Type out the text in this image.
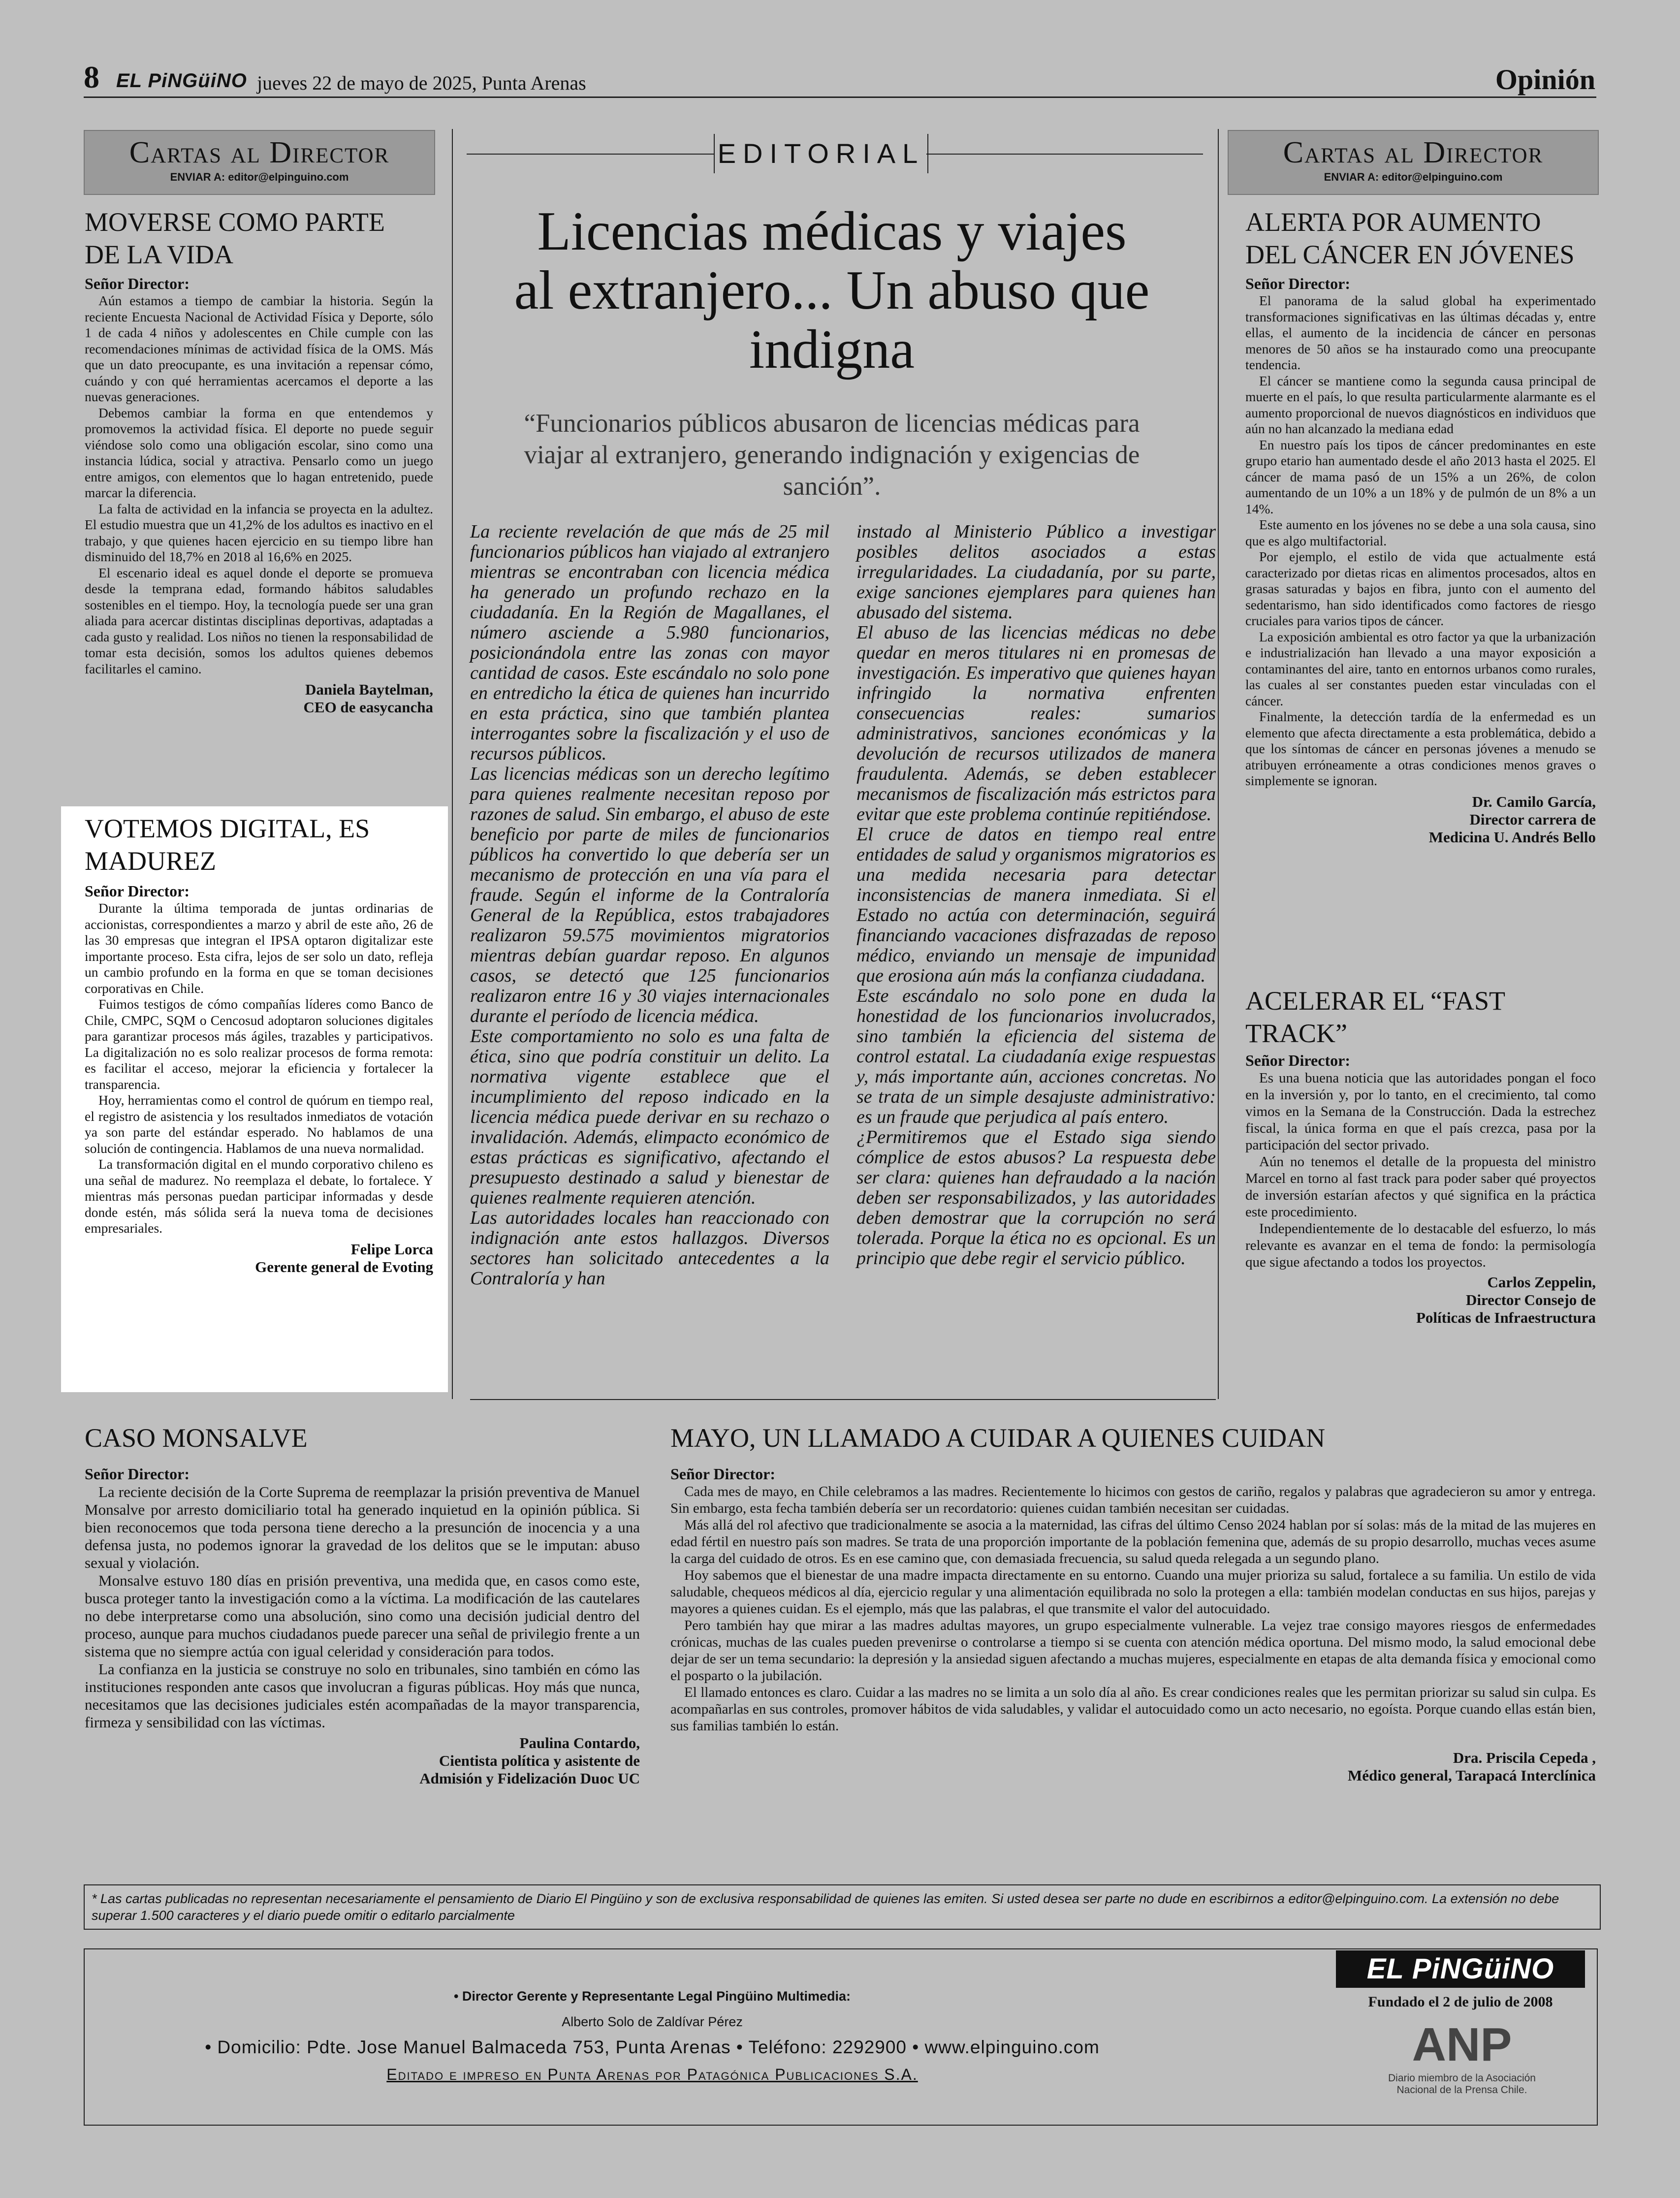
8 EL PiNGüiNO jueves 22 de mayo de 2025, Punta Arenas	Opinión
Cartas al Director
ENVIAR A: editor@elpinguino.com
MOVERSE COMO PARTE DE LA VIDA
Señor Director:

Aún estamos a tiempo de cambiar la historia. Según la reciente Encuesta Nacional de Actividad Física y Deporte, sólo 1 de cada 4 niños y adolescentes en Chile cumple con las recomendaciones mínimas de actividad física de la OMS. Más que un dato preocupante, es una invitación a repensar cómo, cuándo y con qué herramientas acercamos el deporte a las nuevas generaciones.

Debemos cambiar la forma en que entendemos y promovemos la actividad física. El deporte no puede seguir viéndose solo como una obligación escolar, sino como una instancia lúdica, social y atractiva. Pensarlo como un juego entre amigos, con elementos que lo hagan entretenido, puede marcar la diferencia.

La falta de actividad en la infancia se proyecta en la adultez. El estudio muestra que un 41,2% de los adultos es inactivo en el trabajo, y que quienes hacen ejercicio en su tiempo libre han disminuido del 18,7% en 2018 al 16,6% en 2025.

El escenario ideal es aquel donde el deporte se promueva desde la temprana edad, formando hábitos saludables sostenibles en el tiempo. Hoy, la tecnología puede ser una gran aliada para acercar distintas disciplinas deportivas, adaptadas a cada gusto y realidad. Los niños no tienen la responsabilidad de tomar esta decisión, somos los adultos quienes debemos facilitarles el camino.

Daniela Baytelman,
CEO de easycancha
VOTEMOS DIGITAL, ES MADUREZ
Señor Director:

Durante la última temporada de juntas ordinarias de accionistas, correspondientes a marzo y abril de este año, 26 de las 30 empresas que integran el IPSA optaron digitalizar este importante proceso. Esta cifra, lejos de ser solo un dato, refleja un cambio profundo en la forma en que se toman decisiones corporativas en Chile.

Fuimos testigos de cómo compañías líderes como Banco de Chile, CMPC, SQM o Cencosud adoptaron soluciones digitales para garantizar procesos más ágiles, trazables y participativos. La digitalización no es solo realizar procesos de forma remota: es facilitar el acceso, mejorar la eficiencia y fortalecer la transparencia.

Hoy, herramientas como el control de quórum en tiempo real, el registro de asistencia y los resultados inmediatos de votación ya son parte del estándar esperado. No hablamos de una solución de contingencia. Hablamos de una nueva normalidad.

La transformación digital en el mundo corporativo chileno es una señal de madurez. No reemplaza el debate, lo fortalece. Y mientras más personas puedan participar informadas y desde donde estén, más sólida será la nueva toma de decisiones empresariales.

Felipe Lorca
Gerente general de Evoting
EDITORIAL
Licencias médicas y viajes al extranjero... Un abuso que indigna
“Funcionarios públicos abusaron de licencias médicas para viajar al extranjero, generando indignación y exigencias de sanción”.

La reciente revelación de que más de 25 mil funcionarios públicos han viajado al extranjero mientras se encontraban con licencia médica ha generado un profundo rechazo en la ciudadanía. En la Región de Magallanes, el número asciende a 5.980 funcionarios, posicionándola entre las zonas con mayor cantidad de casos. Este escándalo no solo pone en entredicho la ética de quienes han incurrido en esta práctica, sino que también plantea interrogantes sobre la fiscalización y el uso de recursos públicos.

Las licencias médicas son un derecho legítimo para quienes realmente necesitan reposo por razones de salud. Sin embargo, el abuso de este beneficio por parte de miles de funcionarios públicos ha convertido lo que debería ser un mecanismo de protección en una vía para el fraude. Según el informe de la Contraloría General de la República, estos trabajadores realizaron 59.575 movimientos migratorios mientras debían guardar reposo. En algunos casos, se detectó que 125 funcionarios realizaron entre 16 y 30 viajes internacionales durante el período de licencia médica.

Este comportamiento no solo es una falta de ética, sino que podría constituir un delito. La normativa vigente establece que el incumplimiento del reposo indicado en la licencia médica puede derivar en su rechazo o invalidación. Además, elimpacto económico de estas prácticas es significativo, afectando el presupuesto destinado a salud y bienestar de quienes realmente requieren atención.

Las autoridades locales han reaccionado con indignación ante estos hallazgos. Diversos sectores han solicitado antecedentes a la Contraloría y han

instado al Ministerio Público a investigar posibles delitos asociados a estas irregularidades. La ciudadanía, por su parte, exige sanciones ejemplares para quienes han abusado del sistema.

El abuso de las licencias médicas no debe quedar en meros titulares ni en promesas de investigación. Es imperativo que quienes hayan infringido la normativa enfrenten consecuencias reales: sumarios administrativos, sanciones económicas y la devolución de recursos utilizados de manera fraudulenta. Además, se deben establecer mecanismos de fiscalización más estrictos para evitar que este problema continúe repitiéndose.

El cruce de datos en tiempo real entre entidades de salud y organismos migratorios es una medida necesaria para detectar inconsistencias de manera inmediata. Si el Estado no actúa con determinación, seguirá financiando vacaciones disfrazadas de reposo médico, enviando un mensaje de impunidad que erosiona aún más la confianza ciudadana.

Este escándalo no solo pone en duda la honestidad de los funcionarios involucrados, sino también la eficiencia del sistema de control estatal. La ciudadanía exige respuestas y, más importante aún, acciones concretas. No se trata de un simple desajuste administrativo: es un fraude que perjudica al país entero.

¿Permitiremos que el Estado siga siendo cómplice de estos abusos? La respuesta debe ser clara: quienes han defraudado a la nación deben ser responsabilizados, y las autoridades deben demostrar que la corrupción no será tolerada. Porque la ética no es opcional. Es un principio que debe regir el servicio público.

Cartas al Director
ENVIAR A: editor@elpinguino.com
ALERTA POR AUMENTO DEL CÁNCER EN JÓVENES
Señor Director:

El panorama de la salud global ha experimentado transformaciones significativas en las últimas décadas y, entre ellas, el aumento de la incidencia de cáncer en personas menores de 50 años se ha instaurado como una preocupante tendencia.

El cáncer se mantiene como la segunda causa principal de muerte en el país, lo que resulta particularmente alarmante es el aumento proporcional de nuevos diagnósticos en individuos que aún no han alcanzado la mediana edad

En nuestro país los tipos de cáncer predominantes en este grupo etario han aumentado desde el año 2013 hasta el 2025. El cáncer de mama pasó de un 15% a un 26%, de colon aumentando de un 10% a un 18% y de pulmón de un 8% a un 14%.

Este aumento en los jóvenes no se debe a una sola causa, sino que es algo multifactorial.

Por ejemplo, el estilo de vida que actualmente está caracterizado por dietas ricas en alimentos procesados, altos en grasas saturadas y bajos en fibra, junto con el aumento del sedentarismo, han sido identificados como factores de riesgo cruciales para varios tipos de cáncer.

La exposición ambiental es otro factor ya que la urbanización e industrialización han llevado a una mayor exposición a contaminantes del aire, tanto en entornos urbanos como rurales, las cuales al ser constantes pueden estar vinculadas con el cáncer.

Finalmente, la detección tardía de la enfermedad es un elemento que afecta directamente a esta problemática, debido a que los síntomas de cáncer en personas jóvenes a menudo se atribuyen erróneamente a otras condiciones menos graves o simplemente se ignoran.

Dr. Camilo García,
Director carrera de
Medicina U. Andrés Bello
ACELERAR EL “FAST TRACK”
Señor Director:

Es una buena noticia que las autoridades pongan el foco en la inversión y, por lo tanto, en el crecimiento, tal como vimos en la Semana de la Construcción. Dada la estrechez fiscal, la única forma en que el país crezca, pasa por la participación del sector privado.

Aún no tenemos el detalle de la propuesta del ministro Marcel en torno al fast track para poder saber qué proyectos de inversión estarían afectos y qué significa en la práctica este procedimiento.

Independientemente de lo destacable del esfuerzo, lo más relevante es avanzar en el tema de fondo: la permisología que sigue afectando a todos los proyectos.

Carlos Zeppelin,
Director Consejo de
Políticas de Infraestructura
CASO MONSALVE
Señor Director:

La reciente decisión de la Corte Suprema de reemplazar la prisión preventiva de Manuel Monsalve por arresto domiciliario total ha generado inquietud en la opinión pública. Si bien reconocemos que toda persona tiene derecho a la presunción de inocencia y a una defensa justa, no podemos ignorar la gravedad de los delitos que se le imputan: abuso sexual y violación.

Monsalve estuvo 180 días en prisión preventiva, una medida que, en casos como este, busca proteger tanto la investigación como a la víctima. La modificación de las cautelares no debe interpretarse como una absolución, sino como una decisión judicial dentro del proceso, aunque para muchos ciudadanos puede parecer una señal de privilegio frente a un sistema que no siempre actúa con igual celeridad y consideración para todos.

La confianza en la justicia se construye no solo en tribunales, sino también en cómo las instituciones responden ante casos que involucran a figuras públicas. Hoy más que nunca, necesitamos que las decisiones judiciales estén acompañadas de la mayor transparencia, firmeza y sensibilidad con las víctimas.

Paulina Contardo,
Cientista política y asistente de
Admisión y Fidelización Duoc UC
MAYO, UN LLAMADO A CUIDAR A QUIENES CUIDAN
Señor Director:

Cada mes de mayo, en Chile celebramos a las madres. Recientemente lo hicimos con gestos de cariño, regalos y palabras que agradecieron su amor y entrega. Sin embargo, esta fecha también debería ser un recordatorio: quienes cuidan también necesitan ser cuidadas.

Más allá del rol afectivo que tradicionalmente se asocia a la maternidad, las cifras del último Censo 2024 hablan por sí solas: más de la mitad de las mujeres en edad fértil en nuestro país son madres. Se trata de una proporción importante de la población femenina que, además de su propio desarrollo, muchas veces asume la carga del cuidado de otros. Es en ese camino que, con demasiada frecuencia, su salud queda relegada a un segundo plano.

Hoy sabemos que el bienestar de una madre impacta directamente en su entorno. Cuando una mujer prioriza su salud, fortalece a su familia. Un estilo de vida saludable, chequeos médicos al día, ejercicio regular y una alimentación equilibrada no solo la protegen a ella: también modelan conductas en sus hijos, parejas y mayores a quienes cuidan. Es el ejemplo, más que las palabras, el que transmite el valor del autocuidado.

Pero también hay que mirar a las madres adultas mayores, un grupo especialmente vulnerable. La vejez trae consigo mayores riesgos de enfermedades crónicas, muchas de las cuales pueden prevenirse o controlarse a tiempo si se cuenta con atención médica oportuna. Del mismo modo, la salud emocional debe dejar de ser un tema secundario: la depresión y la ansiedad siguen afectando a muchas mujeres, especialmente en etapas de alta demanda física y emocional como el posparto o la jubilación.

El llamado entonces es claro. Cuidar a las madres no se limita a un solo día al año. Es crear condiciones reales que les permitan priorizar su salud sin culpa. Es acompañarlas en sus controles, promover hábitos de vida saludables, y validar el autocuidado como un acto necesario, no egoísta. Porque cuando ellas están bien, sus familias también lo están.

Dra. Priscila Cepeda ,
Médico general, Tarapacá Interclínica
* Las cartas publicadas no representan necesariamente el pensamiento de Diario El Pingüino y son de exclusiva responsabilidad de quienes las emiten. Si usted desea ser parte no dude en escribirnos a editor@elpinguino.com. La extensión no debe superar 1.500 caracteres y el diario puede omitir o editarlo parcialmente
• Director Gerente y Representante Legal Pingüino Multimedia:
Alberto Solo de Zaldívar Pérez
• Domicilio: Pdte. Jose Manuel Balmaceda 753, Punta Arenas • Teléfono: 2292900 • www.elpinguino.com
Editado e impreso en Punta Arenas por Patagónica Publicaciones S.A.
EL PiNGüiNO
Fundado el 2 de julio de 2008
ANP
Diario miembro de la Asociación
Nacional de la Prensa Chile.
